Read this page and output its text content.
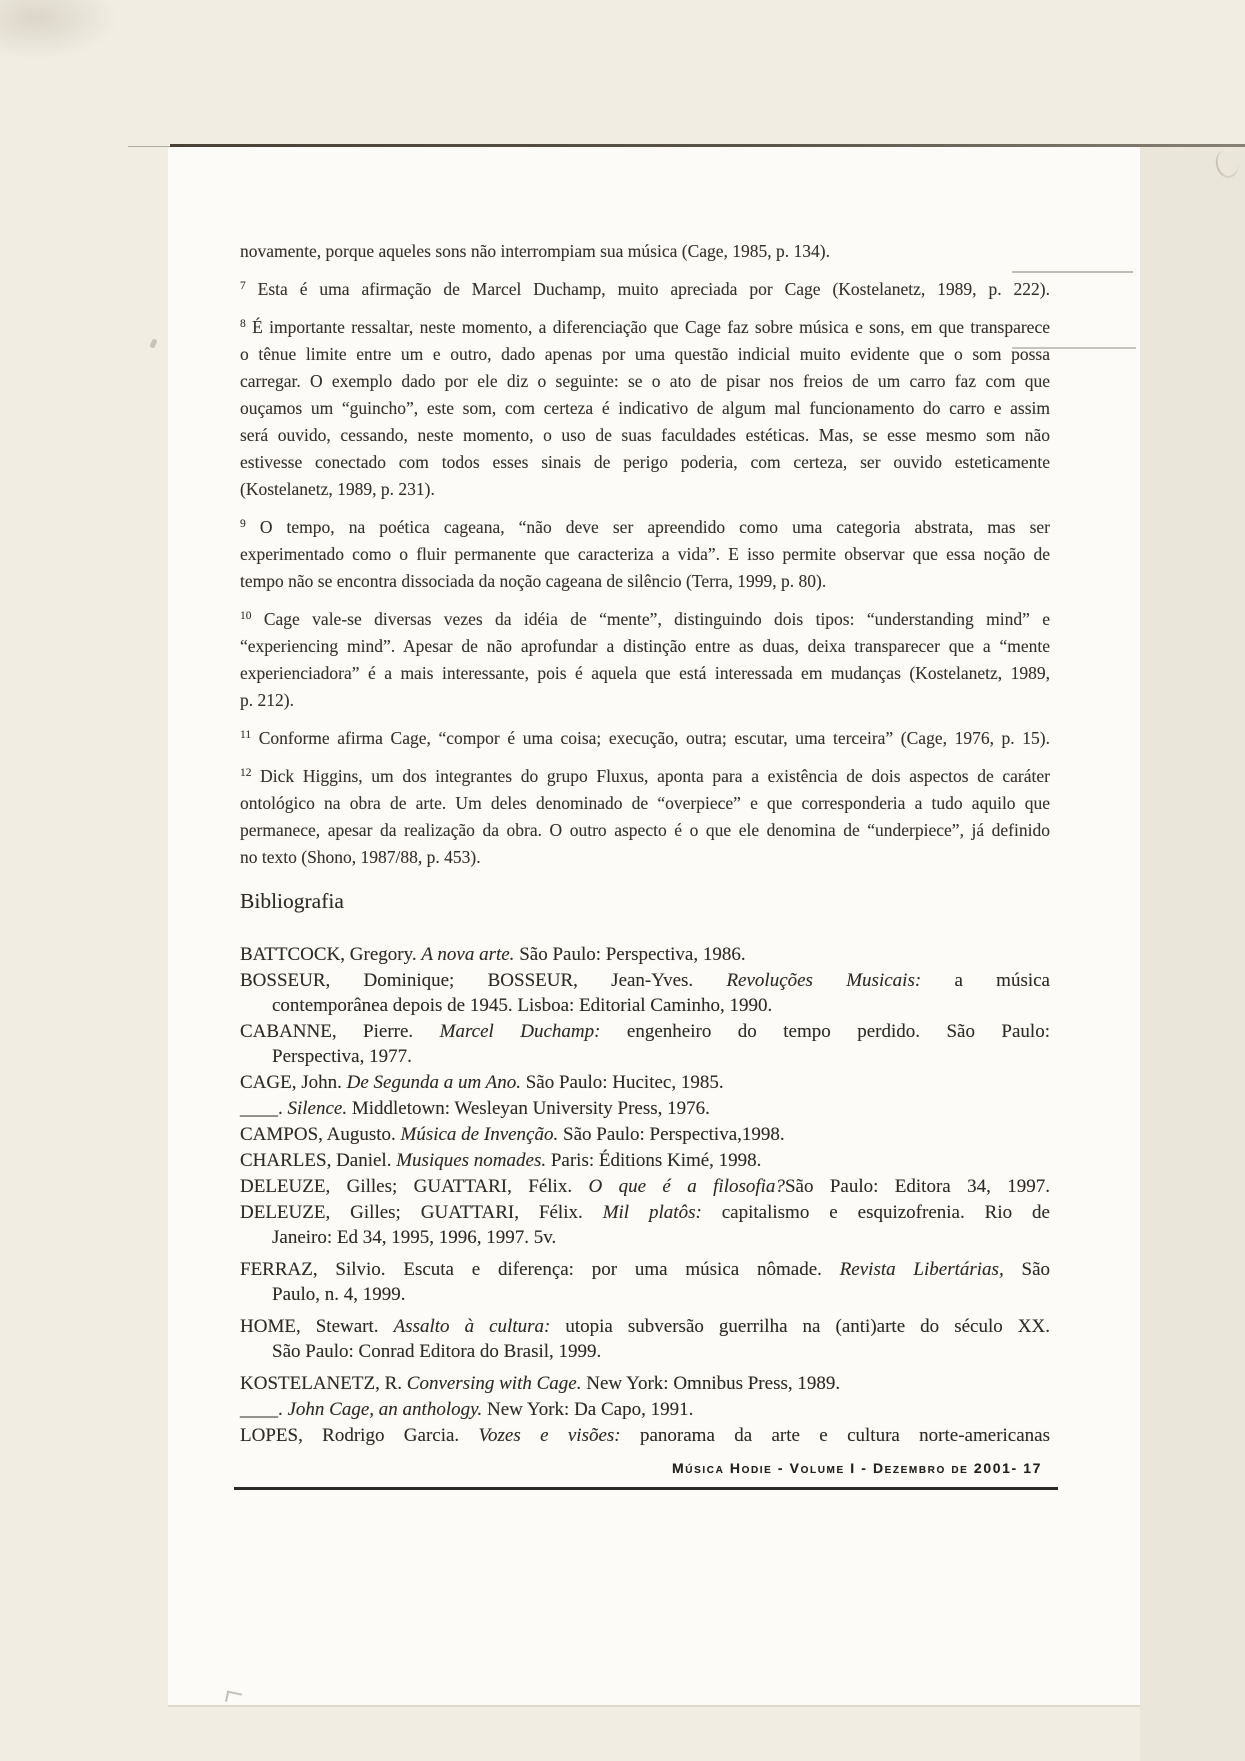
novamente, porque aqueles sons não interrompiam sua música (Cage, 1985, p. 134).
$^7$ Esta é uma afirmação de Marcel Duchamp, muito apreciada por Cage (Kostelanetz, 1989, p. 222).
$^8$ É importante ressaltar, neste momento, a diferenciação que Cage faz sobre música e sons, em que transparece
o tênue limite entre um e outro, dado apenas por uma questão indicial muito evidente que o som possa
carregar. O exemplo dado por ele diz o seguinte: se o ato de pisar nos freios de um carro faz com que
ouçamos um “guincho”, este som, com certeza é indicativo de algum mal funcionamento do carro e assim
será ouvido, cessando, neste momento, o uso de suas faculdades estéticas. Mas, se esse mesmo som não
estivesse conectado com todos esses sinais de perigo poderia, com certeza, ser ouvido esteticamente
(Kostelanetz, 1989, p. 231).
$^9$ O tempo, na poética cageana, “não deve ser apreendido como uma categoria abstrata, mas ser
experimentado como o fluir permanente que caracteriza a vida”. E isso permite observar que essa noção de
tempo não se encontra dissociada da noção cageana de silêncio (Terra, 1999, p. 80).
$^{10}$ Cage vale-se diversas vezes da idéia de “mente”, distinguindo dois tipos: “understanding mind” e
“experiencing mind”. Apesar de não aprofundar a distinção entre as duas, deixa transparecer que a “mente
experienciadora” é a mais interessante, pois é aquela que está interessada em mudanças (Kostelanetz, 1989,
p. 212).
$^{11}$ Conforme afirma Cage, “compor é uma coisa; execução, outra; escutar, uma terceira” (Cage, 1976, p. 15).
$^{12}$ Dick Higgins, um dos integrantes do grupo Fluxus, aponta para a existência de dois aspectos de caráter
ontológico na obra de arte. Um deles denominado de “overpiece” e que corresponderia a tudo aquilo que
permanece, apesar da realização da obra. O outro aspecto é o que ele denomina de “underpiece”, já definido
no texto (Shono, 1987/88, p. 453).
Bibliografia
BATTCOCK, Gregory. A nova arte. São Paulo: Perspectiva, 1986.
BOSSEUR, Dominique; BOSSEUR, Jean-Yves. Revoluções Musicais: a música
contemporânea depois de 1945. Lisboa: Editorial Caminho, 1990.
CABANNE, Pierre. Marcel Duchamp: engenheiro do tempo perdido. São Paulo:
Perspectiva, 1977.
CAGE, John. De Segunda a um Ano. São Paulo: Hucitec, 1985.
____. Silence. Middletown: Wesleyan University Press, 1976.
CAMPOS, Augusto. Música de Invenção. São Paulo: Perspectiva,1998.
CHARLES, Daniel. Musiques nomades. Paris: Éditions Kimé, 1998.
DELEUZE, Gilles; GUATTARI, Félix. O que é a filosofia?São Paulo: Editora 34, 1997.
DELEUZE, Gilles; GUATTARI, Félix. Mil platôs: capitalismo e esquizofrenia. Rio de
Janeiro: Ed 34, 1995, 1996, 1997. 5v.
FERRAZ, Silvio. Escuta e diferença: por uma música nômade. Revista Libertárias, São
Paulo, n. 4, 1999.
HOME, Stewart. Assalto à cultura: utopia subversão guerrilha na (anti)arte do século XX.
São Paulo: Conrad Editora do Brasil, 1999.
KOSTELANETZ, R. Conversing with Cage. New York: Omnibus Press, 1989.
____. John Cage, an anthology. New York: Da Capo, 1991.
LOPES, Rodrigo Garcia. Vozes e visões: panorama da arte e cultura norte-americanas
Música Hodie - Volume I - Dezembro de 2001- 17
